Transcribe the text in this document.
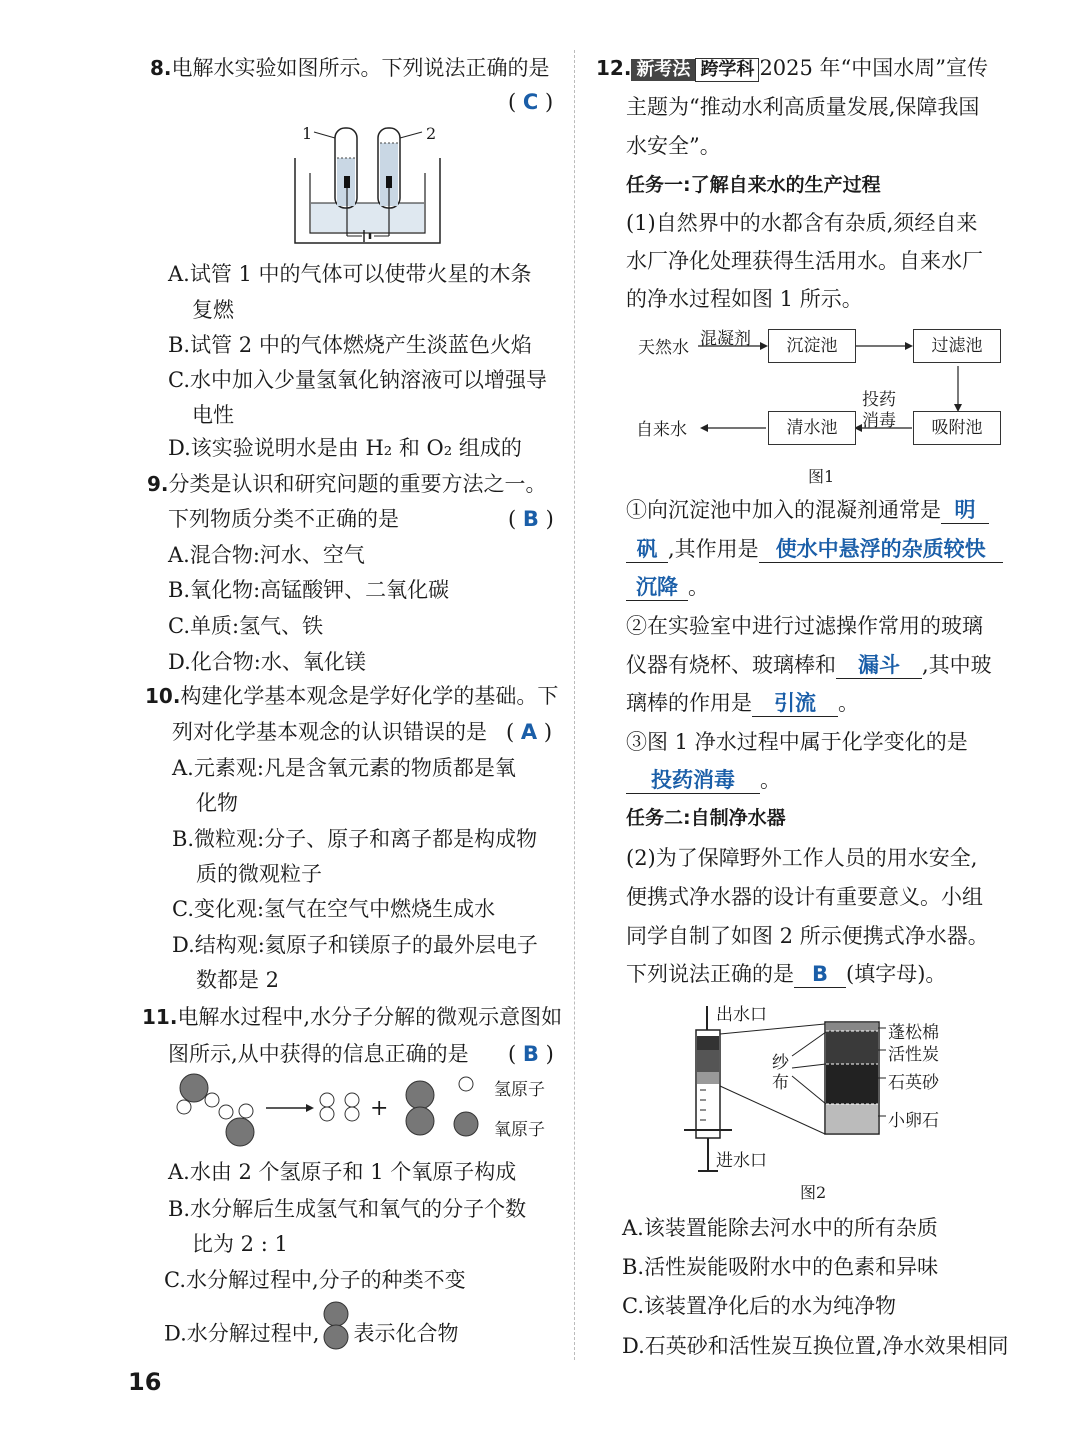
8.电解水实验如图所示。下列说法正确的是
( C )
1	2
A.试管 1 中的气体可以使带火星的木条
复燃
B.试管 2 中的气体燃烧产生淡蓝色火焰
C.水中加入少量氢氧化钠溶液可以增强导
电性
D.该实验说明水是由 H₂ 和 O₂ 组成的
9.分类是认识和研究问题的重要方法之一。
下列物质分类不正确的是	( B )
A.混合物:河水、空气
B.氧化物:高锰酸钾、二氧化碳
C.单质:氢气、铁
D.化合物:水、氧化镁
10.构建化学基本观念是学好化学的基础。下
列对化学基本观念的认识错误的是 ( A )
A.元素观:凡是含氧元素的物质都是氧
化物
B.微粒观:分子、原子和离子都是构成物
质的微观粒子
C.变化观:氢气在空气中燃烧生成水
D.结构观:氦原子和镁原子的最外层电子
数都是 2
11.电解水过程中,水分子分解的微观示意图如
图所示,从中获得的信息正确的是 ( B )
+
氢原子
氧原子
A.水由 2 个氢原子和 1 个氧原子构成
B.水分解后生成氢气和氧气的分子个数
比为 2 : 1
C.水分解过程中,分子的种类不变
D.水分解过程中, 表示化合物
12. 新考法 跨学科 2025 年“中国水周”宣传
主题为“推动水利高质量发展,保障我国
水安全”。
任务一:了解自来水的生产过程
(1)自然界中的水都含有杂质,须经自来
水厂净化处理获得生活用水。自来水厂
的净水过程如图 1 所示。
天然水 混凝剂	沉淀池	过滤池
吸附池
投药
消毒
清水池
自来水
图1
①向沉淀池中加入的混凝剂通常是 明
矾 ,其作用是 使水中悬浮的杂质较快
沉降 。
②在实验室中进行过滤操作常用的玻璃
仪器有烧杯、玻璃棒和 漏斗 ,其中玻
璃棒的作用是 引流 。
③图 1 净水过程中属于化学变化的是
投药消毒 。
任务二:自制净水器
(2)为了保障野外工作人员的用水安全,
便携式净水器的设计有重要意义。小组
同学自制了如图 2 所示便携式净水器。
下列说法正确的是 B (填字母)。
出水口
进水口
纱
布
蓬松棉
活性炭
石英砂
小卵石
图2
A.该装置能除去河水中的所有杂质
B.活性炭能吸附水中的色素和异味
C.该装置净化后的水为纯净物
D.石英砂和活性炭互换位置,净水效果相同
16
